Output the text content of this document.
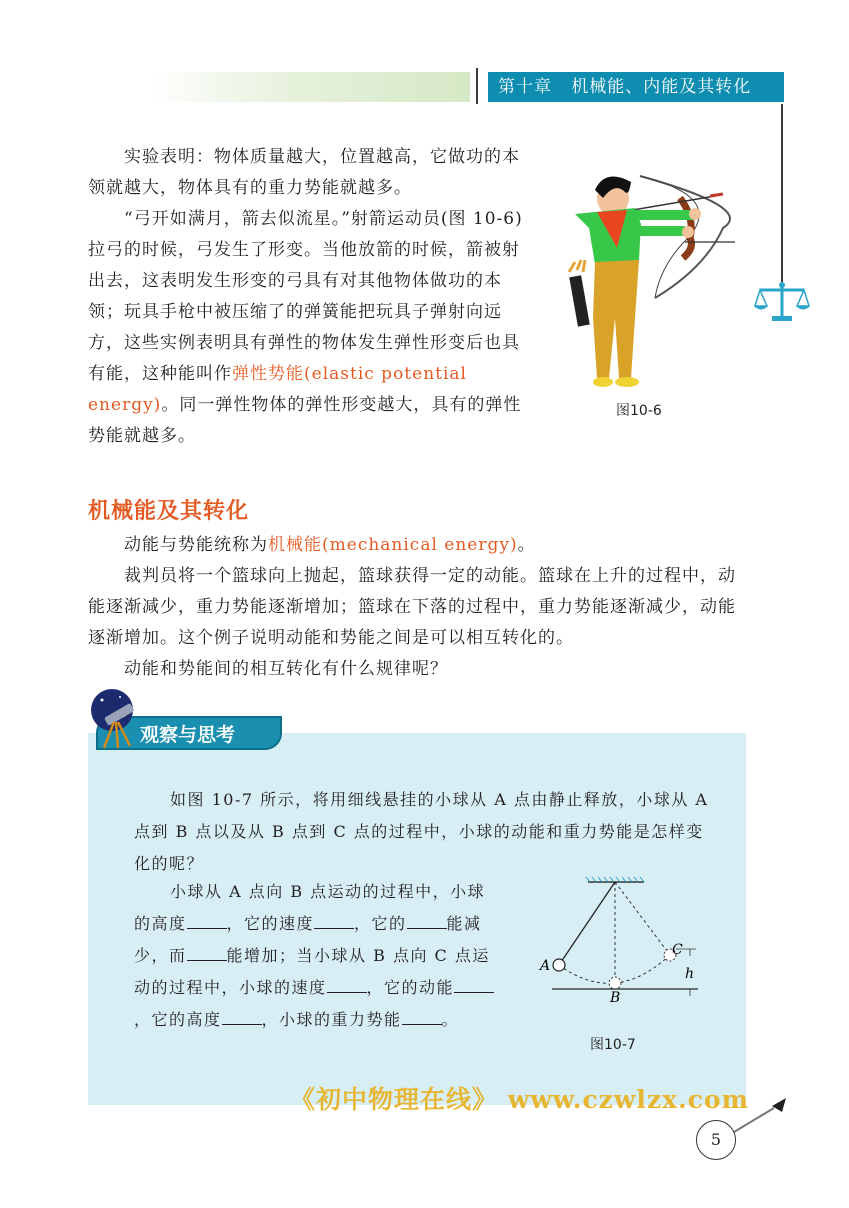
第十章   机械能、内能及其转化
实验表明：物体质量越大，位置越高，它做功的本领就越大，物体具有的重力势能就越多。
“弓开如满月，箭去似流星。”射箭运动员(图 10-6)拉弓的时候，弓发生了形变。当他放箭的时候，箭被射出去，这表明发生形变的弓具有对其他物体做功的本领；玩具手枪中被压缩了的弹簧能把玩具子弹射向远方，这些实例表明具有弹性的物体发生弹性形变后也具有能，这种能叫作弹性势能(elastic potential energy)。同一弹性物体的弹性形变越大，具有的弹性势能就越多。
图10-6
机械能及其转化
动能与势能统称为机械能(mechanical energy)。
裁判员将一个篮球向上抛起，篮球获得一定的动能。篮球在上升的过程中，动能逐渐减少，重力势能逐渐增加；篮球在下落的过程中，重力势能逐渐减少，动能逐渐增加。这个例子说明动能和势能之间是可以相互转化的。
动能和势能间的相互转化有什么规律呢？
观察与思考
如图 10-7 所示，将用细线悬挂的小球从 A 点由静止释放，小球从 A 点到 B 点以及从 B 点到 C 点的过程中，小球的动能和重力势能是怎样变化的呢？
小球从 A 点向 B 点运动的过程中，小球的高度	，它的速度	，它的	能减少，而	能增加；当小球从 B 点向 C 点运动的过程中，小球的速度	，它的动能，它的高度	，小球的重力势能	。
A
B
C
h
图10-7
《初中物理在线》 www.czwlzx.com
5
